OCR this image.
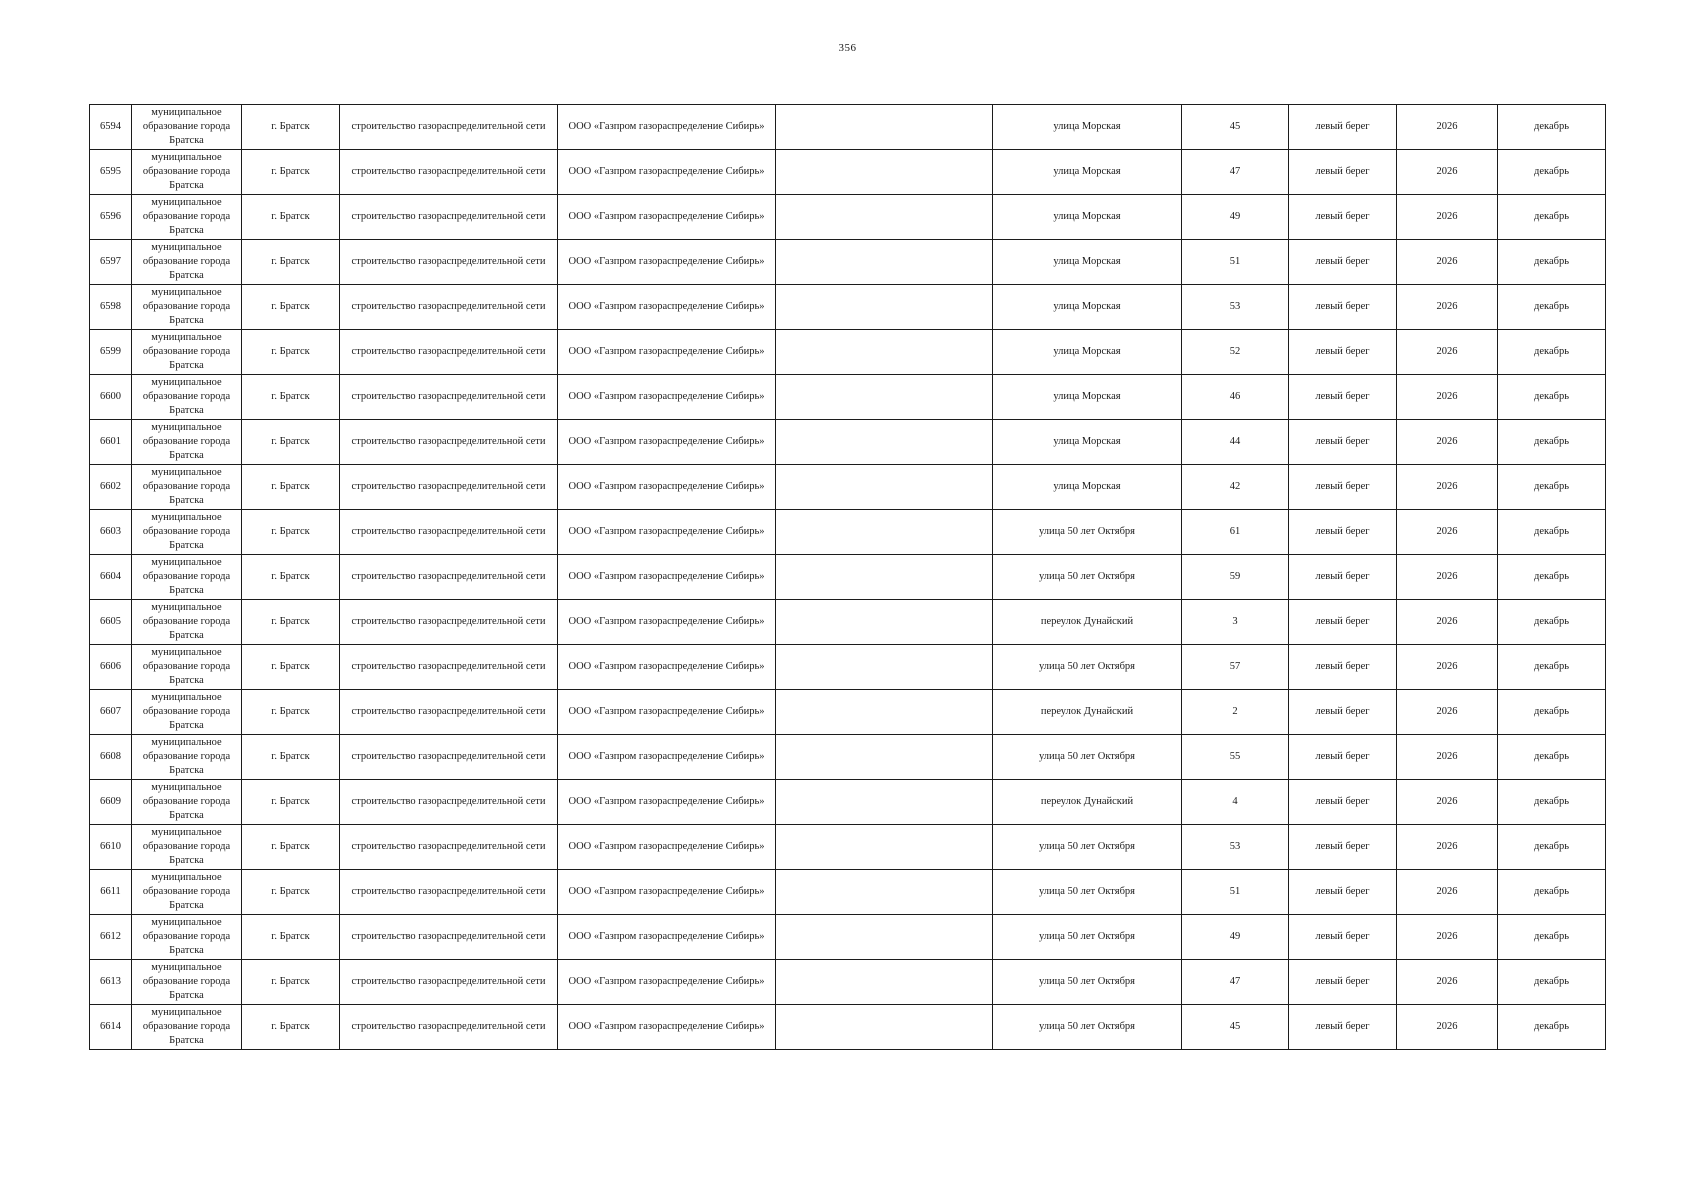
356
6594	муниципальное образование города Братска	г. Братск	строительство газораспределительной сети	ООО «Газпром газораспределение Сибирь»		улица Морская	45	левый берег	2026	декабрь
6595	муниципальное образование города Братска	г. Братск	строительство газораспределительной сети	ООО «Газпром газораспределение Сибирь»		улица Морская	47	левый берег	2026	декабрь
6596	муниципальное образование города Братска	г. Братск	строительство газораспределительной сети	ООО «Газпром газораспределение Сибирь»		улица Морская	49	левый берег	2026	декабрь
6597	муниципальное образование города Братска	г. Братск	строительство газораспределительной сети	ООО «Газпром газораспределение Сибирь»		улица Морская	51	левый берег	2026	декабрь
6598	муниципальное образование города Братска	г. Братск	строительство газораспределительной сети	ООО «Газпром газораспределение Сибирь»		улица Морская	53	левый берег	2026	декабрь
6599	муниципальное образование города Братска	г. Братск	строительство газораспределительной сети	ООО «Газпром газораспределение Сибирь»		улица Морская	52	левый берег	2026	декабрь
6600	муниципальное образование города Братска	г. Братск	строительство газораспределительной сети	ООО «Газпром газораспределение Сибирь»		улица Морская	46	левый берег	2026	декабрь
6601	муниципальное образование города Братска	г. Братск	строительство газораспределительной сети	ООО «Газпром газораспределение Сибирь»		улица Морская	44	левый берег	2026	декабрь
6602	муниципальное образование города Братска	г. Братск	строительство газораспределительной сети	ООО «Газпром газораспределение Сибирь»		улица Морская	42	левый берег	2026	декабрь
6603	муниципальное образование города Братска	г. Братск	строительство газораспределительной сети	ООО «Газпром газораспределение Сибирь»		улица 50 лет Октября	61	левый берег	2026	декабрь
6604	муниципальное образование города Братска	г. Братск	строительство газораспределительной сети	ООО «Газпром газораспределение Сибирь»		улица 50 лет Октября	59	левый берег	2026	декабрь
6605	муниципальное образование города Братска	г. Братск	строительство газораспределительной сети	ООО «Газпром газораспределение Сибирь»		переулок Дунайский	3	левый берег	2026	декабрь
6606	муниципальное образование города Братска	г. Братск	строительство газораспределительной сети	ООО «Газпром газораспределение Сибирь»		улица 50 лет Октября	57	левый берег	2026	декабрь
6607	муниципальное образование города Братска	г. Братск	строительство газораспределительной сети	ООО «Газпром газораспределение Сибирь»		переулок Дунайский	2	левый берег	2026	декабрь
6608	муниципальное образование города Братска	г. Братск	строительство газораспределительной сети	ООО «Газпром газораспределение Сибирь»		улица 50 лет Октября	55	левый берег	2026	декабрь
6609	муниципальное образование города Братска	г. Братск	строительство газораспределительной сети	ООО «Газпром газораспределение Сибирь»		переулок Дунайский	4	левый берег	2026	декабрь
6610	муниципальное образование города Братска	г. Братск	строительство газораспределительной сети	ООО «Газпром газораспределение Сибирь»		улица 50 лет Октября	53	левый берег	2026	декабрь
6611	муниципальное образование города Братска	г. Братск	строительство газораспределительной сети	ООО «Газпром газораспределение Сибирь»		улица 50 лет Октября	51	левый берег	2026	декабрь
6612	муниципальное образование города Братска	г. Братск	строительство газораспределительной сети	ООО «Газпром газораспределение Сибирь»		улица 50 лет Октября	49	левый берег	2026	декабрь
6613	муниципальное образование города Братска	г. Братск	строительство газораспределительной сети	ООО «Газпром газораспределение Сибирь»		улица 50 лет Октября	47	левый берег	2026	декабрь
6614	муниципальное образование города Братска	г. Братск	строительство газораспределительной сети	ООО «Газпром газораспределение Сибирь»		улица 50 лет Октября	45	левый берег	2026	декабрь
